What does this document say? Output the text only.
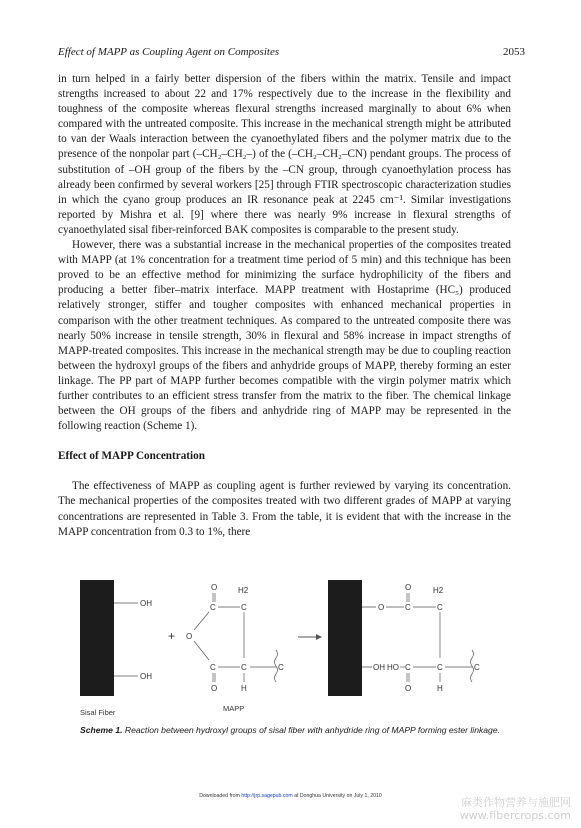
Effect of MAPP as Coupling Agent on Composites	2053

in turn helped in a fairly better dispersion of the fibers within the matrix. Tensile and impact strengths increased to about 22 and 17% respectively due to the increase in the flexibility and toughness of the composite whereas flexural strengths increased marginally to about 6% when compared with the untreated composite. This increase in the mechanical strength might be attributed to van der Waals interaction between the cyanoethylated fibers and the polymer matrix due to the presence of the nonpolar part (–CH₂–CH₂–) of the (–CH₂–CH₂–CN) pendant groups. The process of substitution of –OH group of the fibers by the –CN group, through cyanoethylation process has already been confirmed by several workers [25] through FTIR spectroscopic characterization studies in which the cyano group produces an IR resonance peak at 2245 cm⁻¹. Similar investigations reported by Mishra et al. [9] where there was nearly 9% increase in flexural strengths of cyanoethylated sisal fiber-reinforced BAK composites is comparable to the present study.

However, there was a substantial increase in the mechanical properties of the composites treated with MAPP (at 1% concentration for a treatment time period of 5 min) and this technique has been proved to be an effective method for minimizing the surface hydrophilicity of the fibers and producing a better fiber–matrix interface. MAPP treatment with Hostaprime (HC₅) produced relatively stronger, stiffer and tougher composites with enhanced mechanical properties in comparison with the other treatment techniques. As compared to the untreated composite there was nearly 50% increase in tensile strength, 30% in flexural and 58% increase in impact strengths of MAPP-treated composites. This increase in the mechanical strength may be due to coupling reaction between the hydroxyl groups of the fibers and anhydride groups of MAPP, thereby forming an ester linkage. The PP part of MAPP further becomes compatible with the virgin polymer matrix which further contributes to an efficient stress transfer from the matrix to the fiber. The chemical linkage between the OH groups of the fibers and anhydride ring of MAPP may be represented in the following reaction (Scheme 1).

Effect of MAPP Concentration

The effectiveness of MAPP as coupling agent is further reviewed by varying its concentration. The mechanical properties of the composites treated with two different grades of MAPP at varying concentrations are represented in Table 3. From the table, it is evident that with the increase in the MAPP concentration from 0.3 to 1%, there

OH
OH
Sisal Fiber
+
O
C
H2
C
O
C	C	C
O	H
MAPP
O
O
C
H2
C
OH HO C	C	C
O	H
Scheme 1. Reaction between hydroxyl groups of sisal fiber with anhydride ring of MAPP forming ester linkage.
Downloaded from http://jrp.sagepub.com at Donghua University on July 1, 2010	麻类作物营养与施肥网
www.fibercrops.com
